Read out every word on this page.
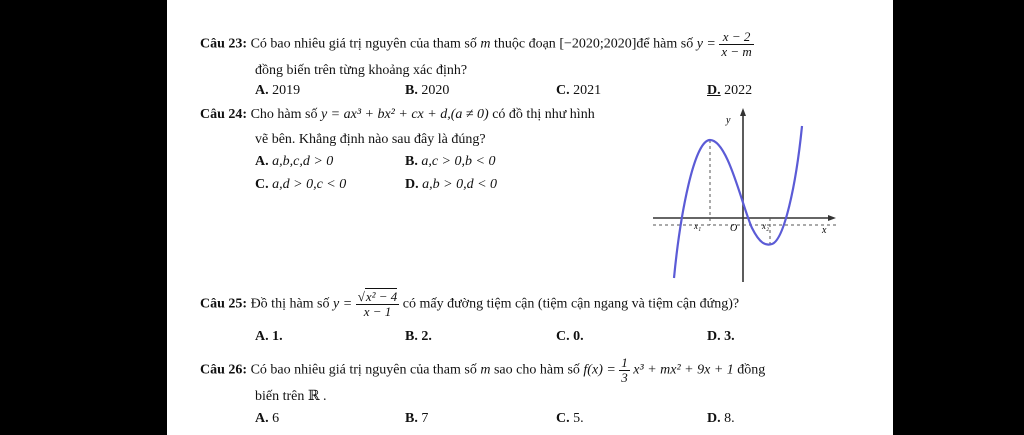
Câu 23: Có bao nhiêu giá trị nguyên của tham số m thuộc đoạn [−2020;2020]để hàm số $y = \frac{x - 2}{x - m}$
đồng biến trên từng khoảng xác định?
A. 2019	B. 2020	C. 2021	D. 2022
Câu 24: Cho hàm số y = ax³ + bx² + cx + d,(a ≠ 0) có đồ thị như hình
vẽ bên. Khẳng định nào sau đây là đúng?
A. a,b,c,d > 0	B. a,c > 0,b < 0
C. a,d > 0,c < 0	D. a,b > 0,d < 0
y
x
O
x₁	x₂
Câu 25: Đồ thị hàm số $y = \frac{\text{√x² − 4}}{x - 1}$ có mấy đường tiệm cận (tiệm cận ngang và tiệm cận đứng)?
A. 1.	B. 2.	C. 0.	D. 3.
Câu 26: Có bao nhiêu giá trị nguyên của tham số m sao cho hàm số $f(x) = \frac{1}{3} x^3 + mx^2 + 9x + 1$ đồng
biến trên ℝ .
A. 6	B. 7	C. 5.	D. 8.
